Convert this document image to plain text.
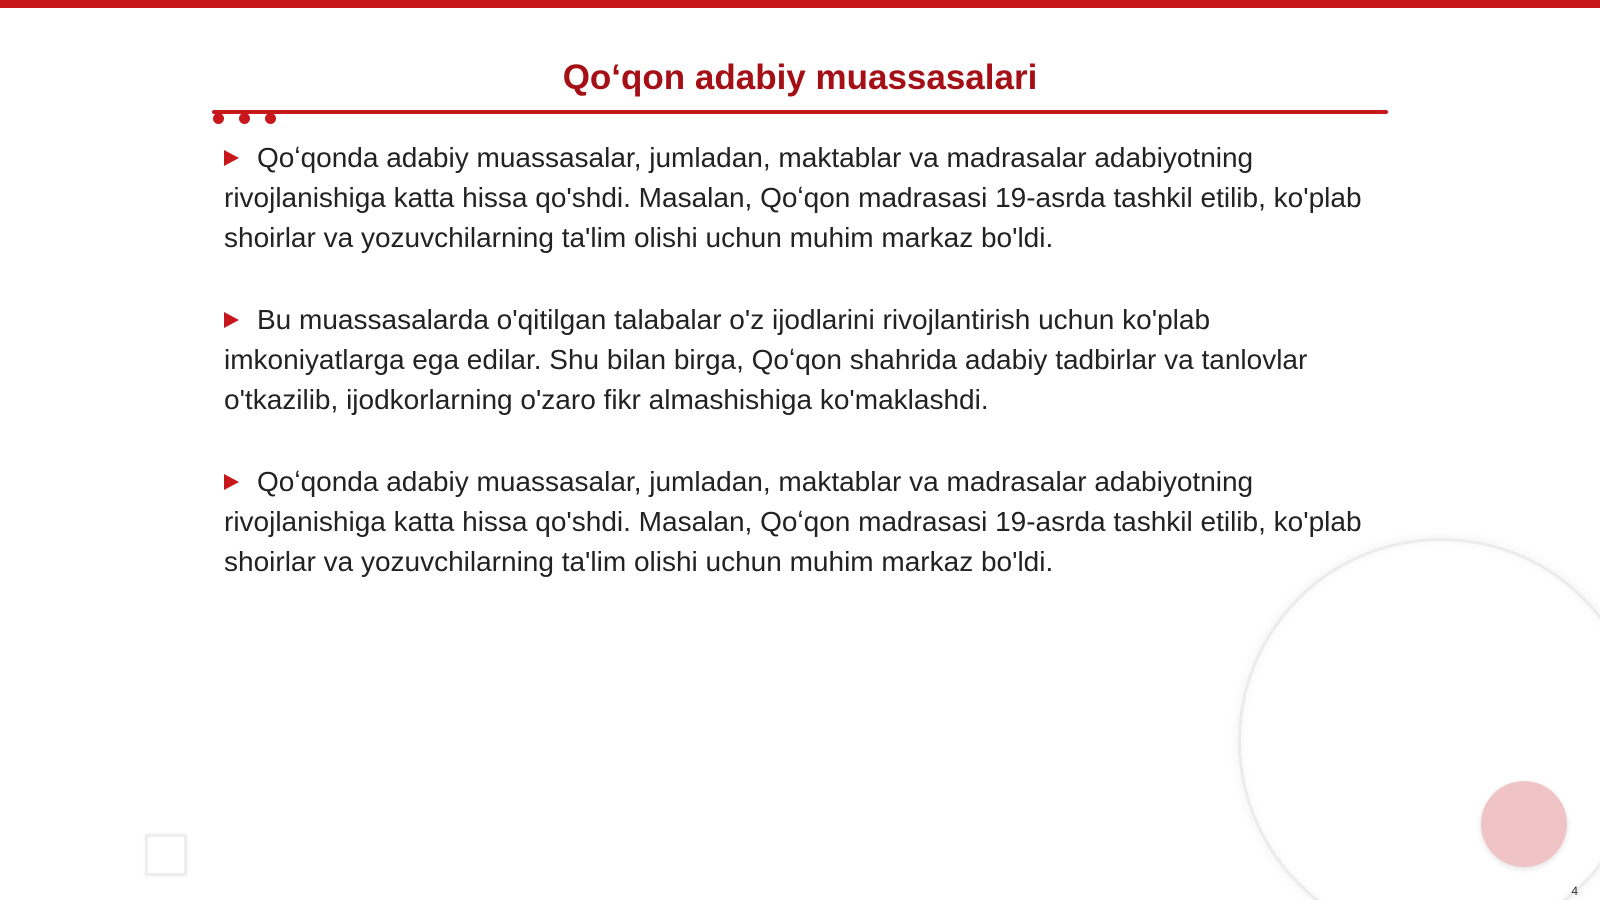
Qoʻqon adabiy muassasalari

Qoʻqonda adabiy muassasalar, jumladan, maktablar va madrasalar adabiyotning rivojlanishiga katta hissa qo'shdi. Masalan, Qoʻqon madrasasi 19-asrda tashkil etilib, ko'plab shoirlar va yozuvchilarning ta'lim olishi uchun muhim markaz bo'ldi.

Bu muassasalarda o'qitilgan talabalar o'z ijodlarini rivojlantirish uchun ko'plab imkoniyatlarga ega edilar. Shu bilan birga, Qoʻqon shahrida adabiy tadbirlar va tanlovlar o'tkazilib, ijodkorlarning o'zaro fikr almashishiga ko'maklashdi.

Qoʻqonda adabiy muassasalar, jumladan, maktablar va madrasalar adabiyotning rivojlanishiga katta hissa qo'shdi. Masalan, Qoʻqon madrasasi 19-asrda tashkil etilib, ko'plab shoirlar va yozuvchilarning ta'lim olishi uchun muhim markaz bo'ldi.

4
